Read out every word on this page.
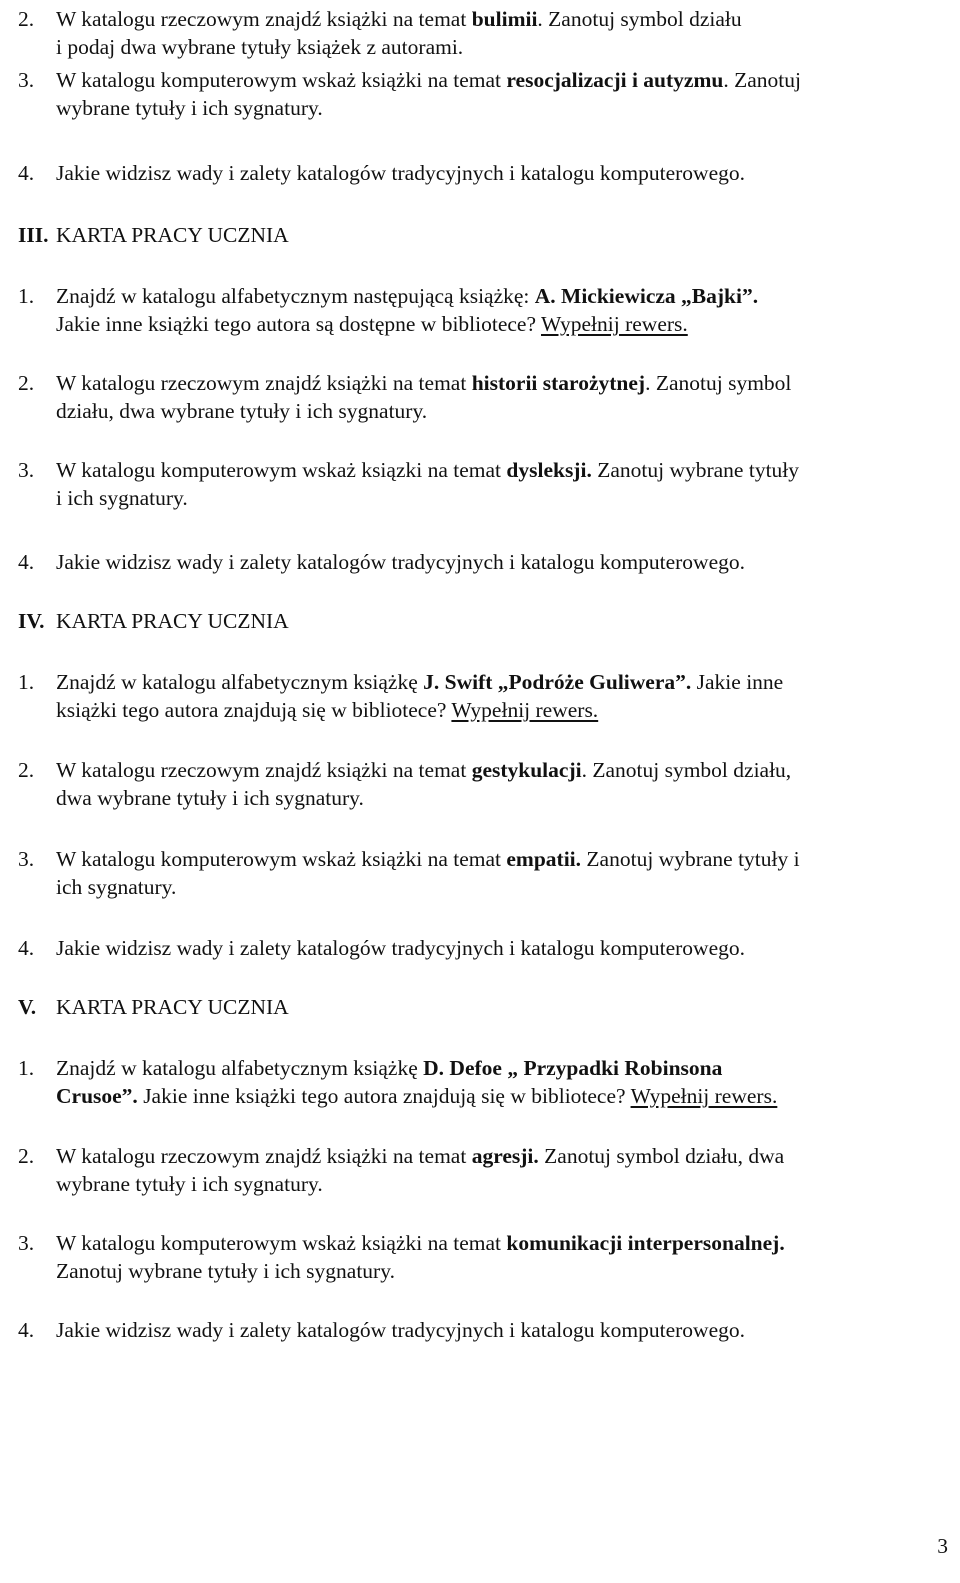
2. W katalogu rzeczowym znajdź książki na temat bulimii. Zanotuj symbol działu
i podaj dwa wybrane tytuły książek z autorami.
3. W katalogu komputerowym wskaż książki na temat resocjalizacji i autyzmu. Zanotuj
wybrane tytuły i ich sygnatury.
4. Jakie widzisz wady i zalety katalogów tradycyjnych i katalogu komputerowego.
III. KARTA PRACY UCZNIA
1. Znajdź w katalogu alfabetycznym następującą książkę: A. Mickiewicza „Bajki”.
Jakie inne książki tego autora są dostępne w bibliotece? Wypełnij rewers.
2. W katalogu rzeczowym znajdź książki na temat historii starożytnej. Zanotuj symbol
działu, dwa wybrane tytuły i ich sygnatury.
3. W katalogu komputerowym wskaż ksiązki na temat dysleksji. Zanotuj wybrane tytuły
i ich sygnatury.
4. Jakie widzisz wady i zalety katalogów tradycyjnych i katalogu komputerowego.
IV. KARTA PRACY UCZNIA
1. Znajdź w katalogu alfabetycznym książkę J. Swift „Podróże Guliwera”. Jakie inne
książki tego autora znajdują się w bibliotece? Wypełnij rewers.
2. W katalogu rzeczowym znajdź książki na temat gestykulacji. Zanotuj symbol działu,
dwa wybrane tytuły i ich sygnatury.
3. W katalogu komputerowym wskaż książki na temat empatii. Zanotuj wybrane tytuły i
ich sygnatury.
4. Jakie widzisz wady i zalety katalogów tradycyjnych i katalogu komputerowego.
V. KARTA PRACY UCZNIA
1. Znajdź w katalogu alfabetycznym książkę D. Defoe „ Przypadki Robinsona
Crusoe”. Jakie inne książki tego autora znajdują się w bibliotece? Wypełnij rewers.
2. W katalogu rzeczowym znajdź książki na temat agresji. Zanotuj symbol działu, dwa
wybrane tytuły i ich sygnatury.
3. W katalogu komputerowym wskaż książki na temat komunikacji interpersonalnej.
Zanotuj wybrane tytuły i ich sygnatury.
4. Jakie widzisz wady i zalety katalogów tradycyjnych i katalogu komputerowego.
3
